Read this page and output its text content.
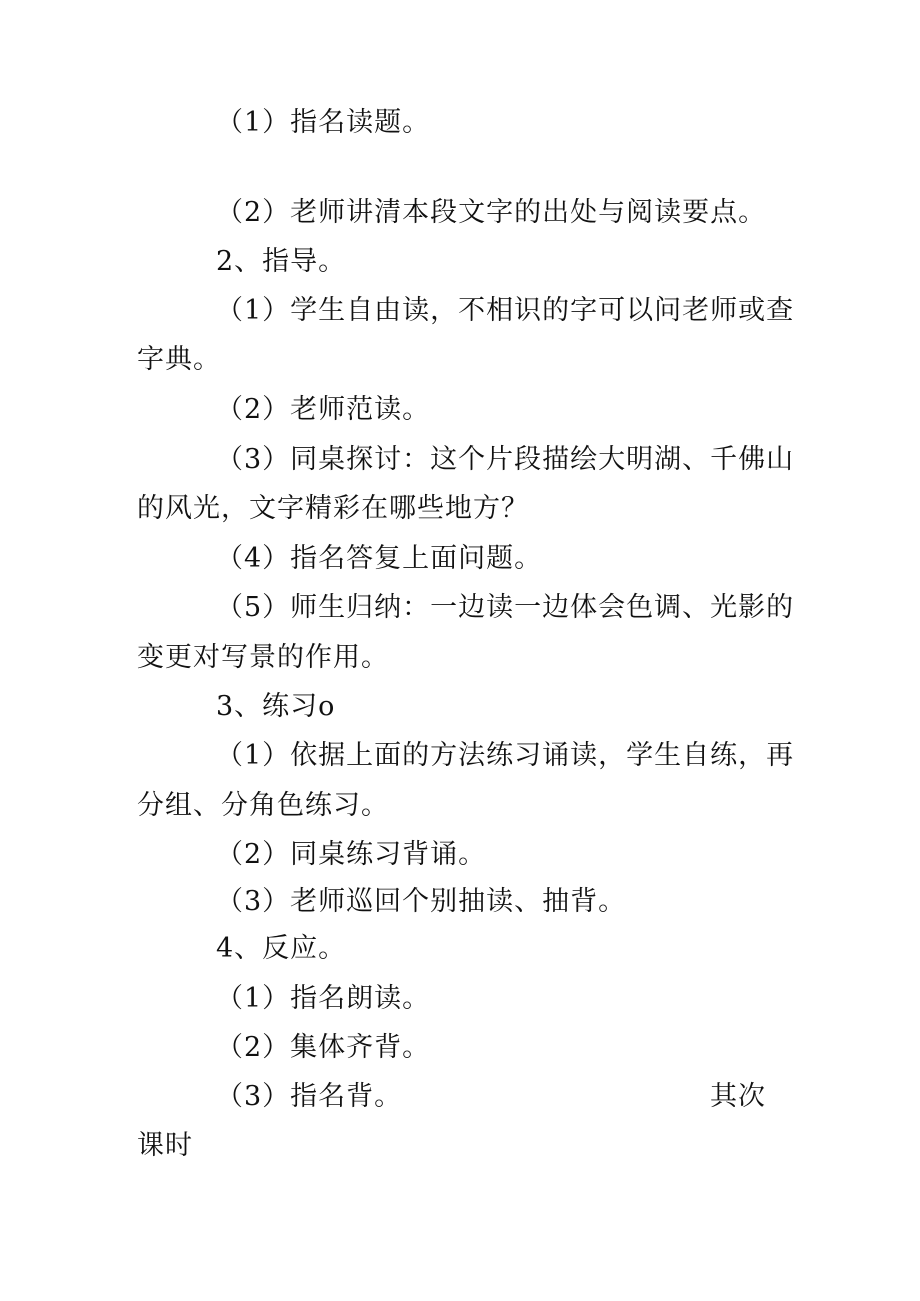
（1）指名读题。
（2）老师讲清本段文字的出处与阅读要点。
2、指导。
（1）学生自由读，不相识的字可以问老师或查
字典。
（2）老师范读。
（3）同桌探讨：这个片段描绘大明湖、千佛山
的风光，文字精彩在哪些地方？
（4）指名答复上面问题。
（5）师生归纳：一边读一边体会色调、光影的
变更对写景的作用。
3、练习o
（1）依据上面的方法练习诵读，学生自练，再
分组、分角色练习。
（2）同桌练习背诵。
（3）老师巡回个别抽读、抽背。
4、反应。
（1）指名朗读。
（2）集体齐背。
（3）指名背。	其次
课时
